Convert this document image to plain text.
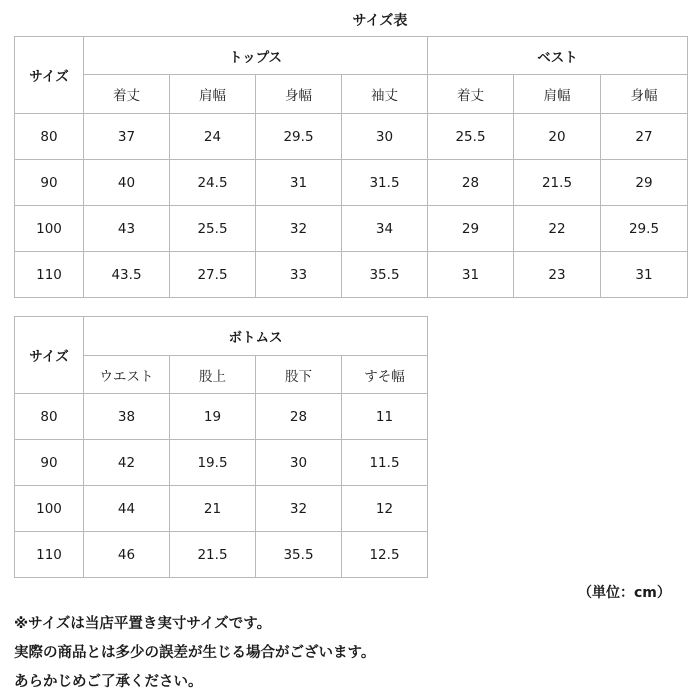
サイズ表
サイズ	トップス				ベスト		
	着丈	肩幅	身幅	袖丈	着丈	肩幅	身幅
80	37	24	29.5	30	25.5	20	27
90	40	24.5	31	31.5	28	21.5	29
100	43	25.5	32	34	29	22	29.5
110	43.5	27.5	33	35.5	31	23	31
サイズ	ボトムス			
	ウエスト	股上	股下	すそ幅
80	38	19	28	11
90	42	19.5	30	11.5
100	44	21	32	12
110	46	21.5	35.5	12.5
（単位：cm）
※サイズは当店平置き実寸サイズです。
実際の商品とは多少の誤差が生じる場合がございます。
あらかじめご了承ください。
